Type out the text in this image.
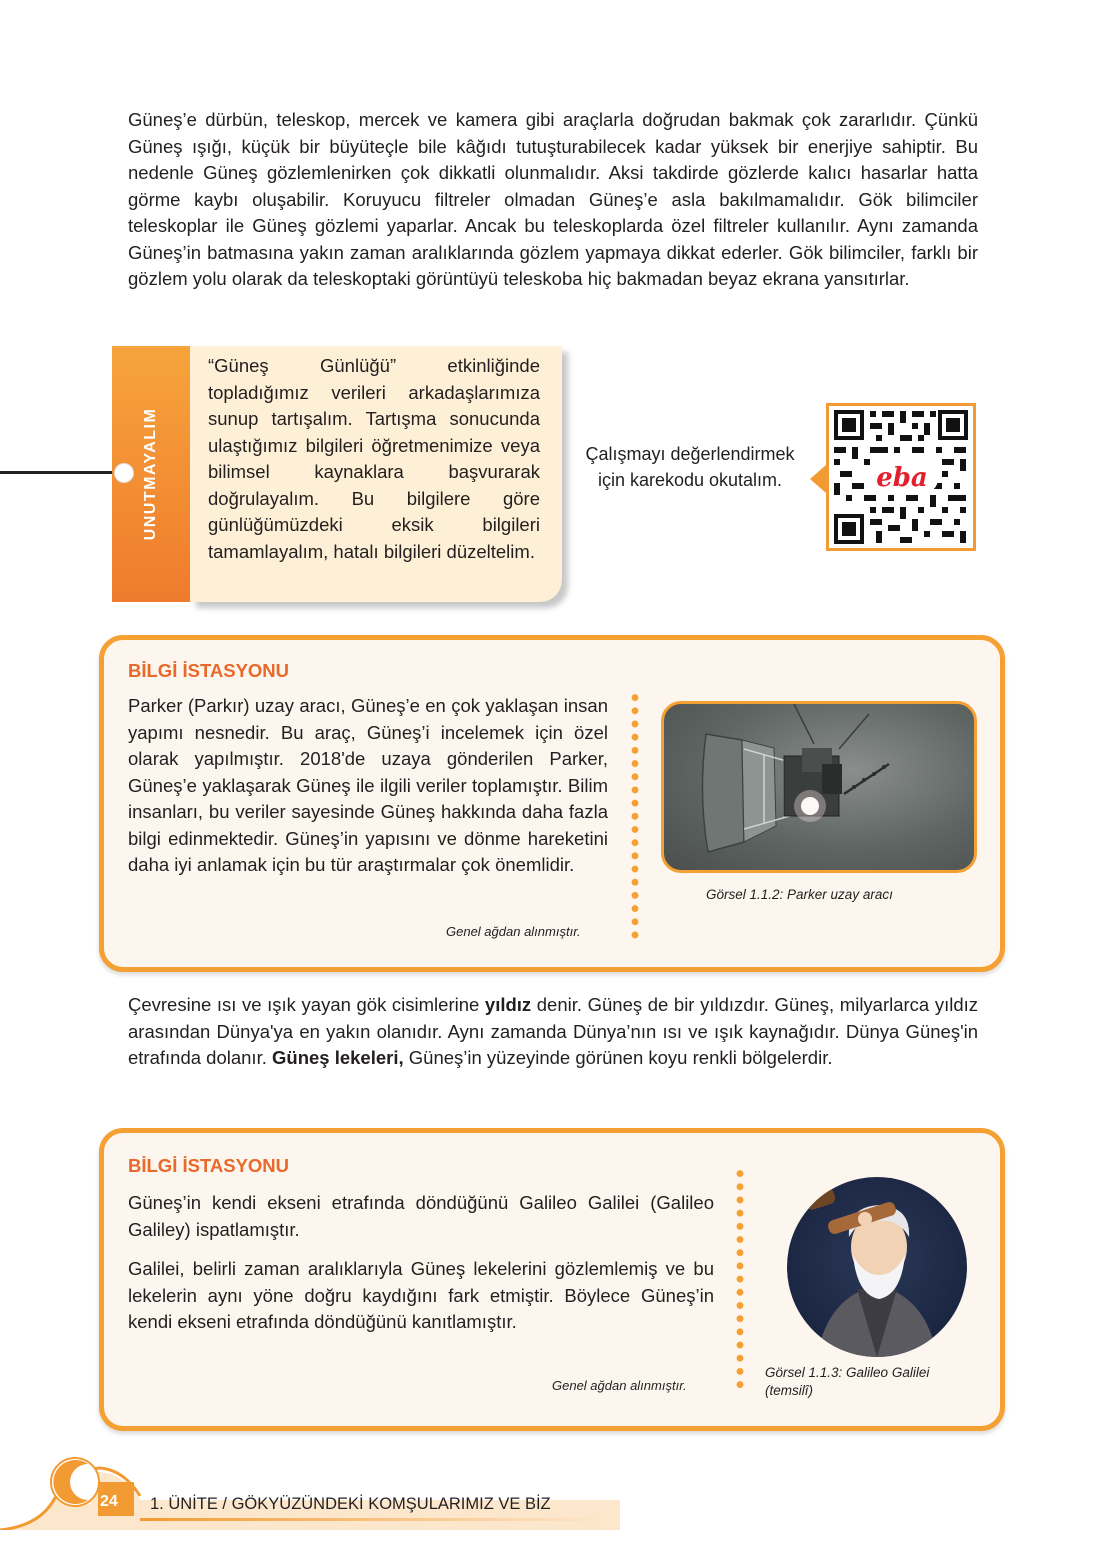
Güneş’e dürbün, teleskop, mercek ve kamera gibi araçlarla doğrudan bakmak çok zararlıdır. Çünkü Güneş ışığı, küçük bir büyüteçle bile kâğıdı tutuşturabilecek kadar yüksek bir enerjiye sahiptir. Bu nedenle Güneş gözlemlenirken çok dikkatli olunmalıdır. Aksi takdirde gözlerde kalıcı hasarlar hatta görme kaybı oluşabilir. Koruyucu filtreler olmadan Güneş’e asla bakılmamalıdır. Gök bilimciler teleskoplar ile Güneş gözlemi yaparlar. Ancak bu teleskoplarda özel filtreler kullanılır. Aynı zamanda Güneş’in batmasına yakın zaman aralıklarında gözlem yapmaya dikkat ederler. Gök bilimciler, farklı bir gözlem yolu olarak da teleskoptaki görüntüyü teleskoba hiç bakmadan beyaz ekrana yansıtırlar.

UNUTMAYALIM

“Güneş Günlüğü” etkinliğinde topladığımız verileri arkadaşlarımıza sunup tartışalım. Tartışma sonucunda ulaştığımız bilgileri öğretmenimize veya bilimsel kaynaklara başvurarak doğrulayalım. Bu bilgilere göre günlüğümüzdeki eksik bilgileri tamamlayalım, hatalı bilgileri düzeltelim.

Çalışmayı değerlendirmek için karekodu okutalım.	eba

BİLGİ İSTASYONU

Parker (Parkır) uzay aracı, Güneş’e en çok yaklaşan insan yapımı nesnedir. Bu araç, Güneş’i incelemek için özel olarak yapılmıştır. 2018'de uzaya gönderilen Parker, Güneş’e yaklaşarak Güneş ile ilgili veriler toplamıştır. Bilim insanları, bu veriler sayesinde Güneş hakkında daha fazla bilgi edinmektedir. Güneş’in yapısını ve dönme hareketini daha iyi anlamak için bu tür araştırmalar çok önemlidir.

Genel ağdan alınmıştır.

Görsel 1.1.2: Parker uzay aracı

Çevresine ısı ve ışık yayan gök cisimlerine yıldız denir. Güneş de bir yıldızdır. Güneş, milyarlarca yıldız arasından Dünya'ya en yakın olanıdır. Aynı zamanda Dünya’nın ısı ve ışık kaynağıdır. Dünya Güneş'in etrafında dolanır. Güneş lekeleri, Güneş’in yüzeyinde görünen koyu renkli bölgelerdir.

BİLGİ İSTASYONU

Güneş’in kendi ekseni etrafında döndüğünü Galileo Galilei (Galileo Galiley) ispatlamıştır.

Galilei, belirli zaman aralıklarıyla Güneş lekelerini gözlemlemiş ve bu lekelerin aynı yöne doğru kaydığını fark etmiştir. Böylece Güneş’in kendi ekseni etrafında döndüğünü kanıtlamıştır.

Genel ağdan alınmıştır.

Görsel 1.1.3: Galileo Galilei
(temsilî)

24 1. ÜNİTE / GÖKYÜZÜNDEKİ KOMŞULARIMIZ VE BİZ
